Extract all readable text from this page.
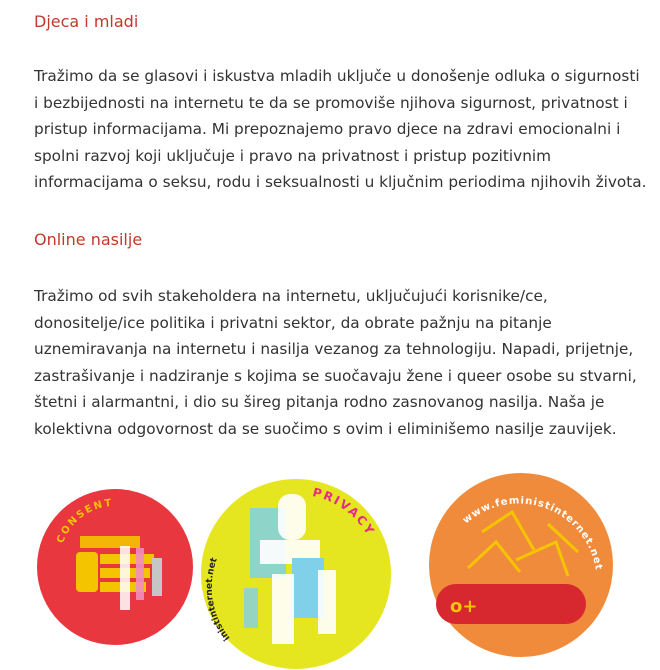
Djeca i mladi
Tražimo da se glasovi i iskustva mladih uključe u donošenje odluka o sigurnosti
i bezbijednosti na internetu te da se promoviše njihova sigurnost, privatnost i
pristup informacijama. Mi prepoznajemo pravo djece na zdravi emocionalni i
spolni razvoj koji uključuje i pravo na privatnost i pristup pozitivnim
informacijama o seksu, rodu i seksualnosti u ključnim periodima njihovih života.
Online nasilje
Tražimo od svih stakeholdera na internetu, uključujući korisnike/ce,
donositelje/ice politika i privatni sektor, da obrate pažnju na pitanje
uznemiravanja na internetu i nasilja vezanog za tehnologiju. Napadi, prijetnje,
zastrašivanje i nadziranje s kojima se suočavaju žene i queer osobe su stvarni,
štetni i alarmantni, i dio su šireg pitanja rodno zasnovanog nasilja. Naša je
kolektivna odgovornost da se suočimo s ovim i eliminišemo nasilje zauvijek.
CONSENT
PRIVACY
inistinternet.net
o+
www.feministinternet.net
